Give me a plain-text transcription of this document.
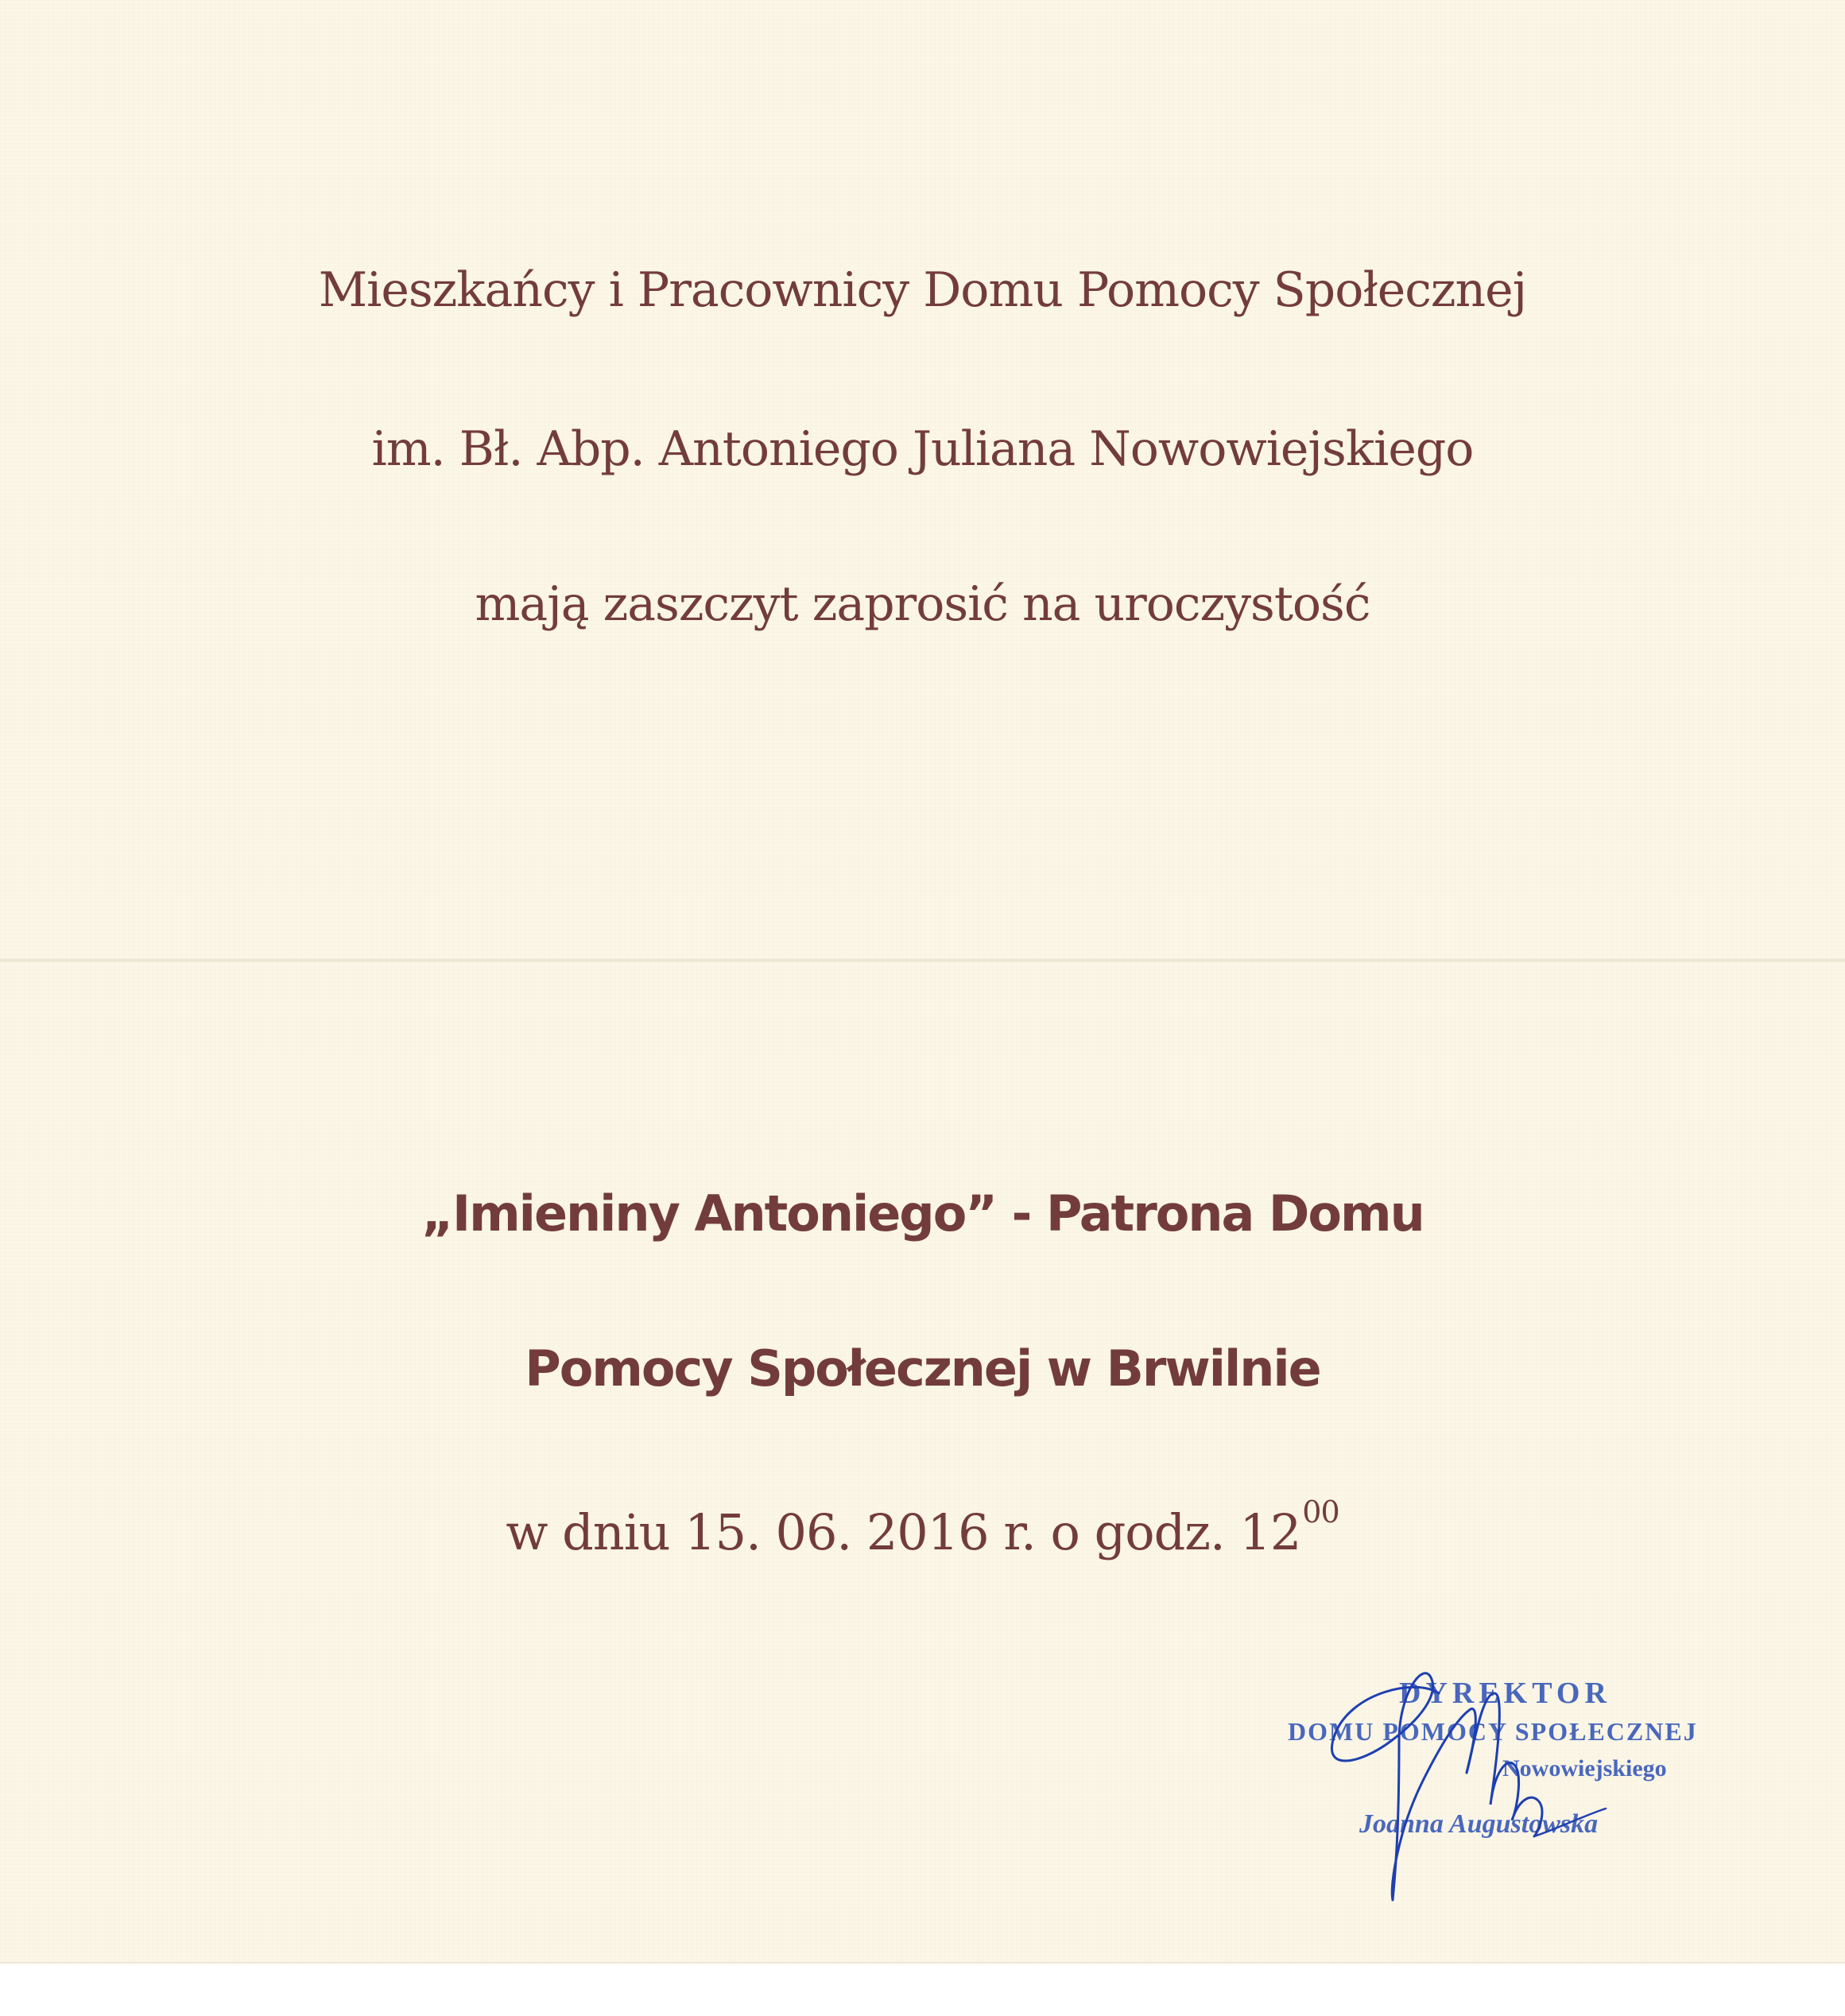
Mieszkańcy i Pracownicy Domu Pomocy Społecznej
im. Bł. Abp. Antoniego Juliana Nowowiejskiego
mają zaszczyt zaprosić na uroczystość
„Imieniny Antoniego” - Patrona Domu
Pomocy Społecznej w Brwilnie
w dniu 15. 06. 2016 r. o godz. $12^{00}$
DYREKTOR
DOMU POMOCY SPOŁECZNEJ
Nowowiejskiego
Joanna Augustowska
